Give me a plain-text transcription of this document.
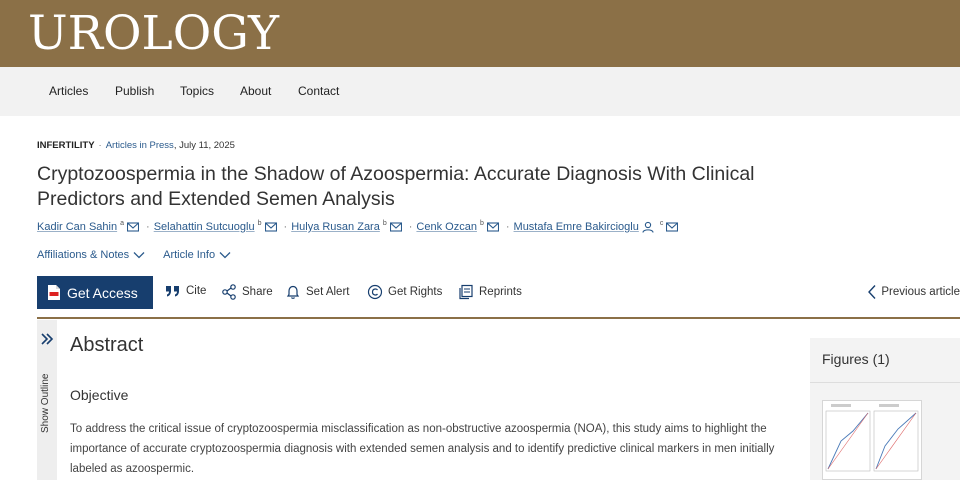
UROLOGY
Articles Publish Topics About Contact
INFERTILITY · Articles in Press, July 11, 2025
Cryptozoospermia in the Shadow of Azoospermia: Accurate Diagnosis With Clinical Predictors and Extended Semen Analysis
Kadir Can Sahin a · Selahattin Sutcuoglu b · Hulya Rusan Zara b · Cenk Ozcan b · Mustafa Emre Bakircioglu	c
Affiliations & Notes	Article Info
Get Access	Cite	Share	Set Alert	Get Rights	Reprints	Previous article
Show Outline
Abstract
Objective

To address the critical issue of cryptozoospermia misclassification as non-obstructive azoospermia (NOA), this study aims to highlight the importance of accurate cryptozoospermia diagnosis with extended semen analysis and to identify predictive clinical markers in men initially labeled as azoospermic.

Figures (1)
